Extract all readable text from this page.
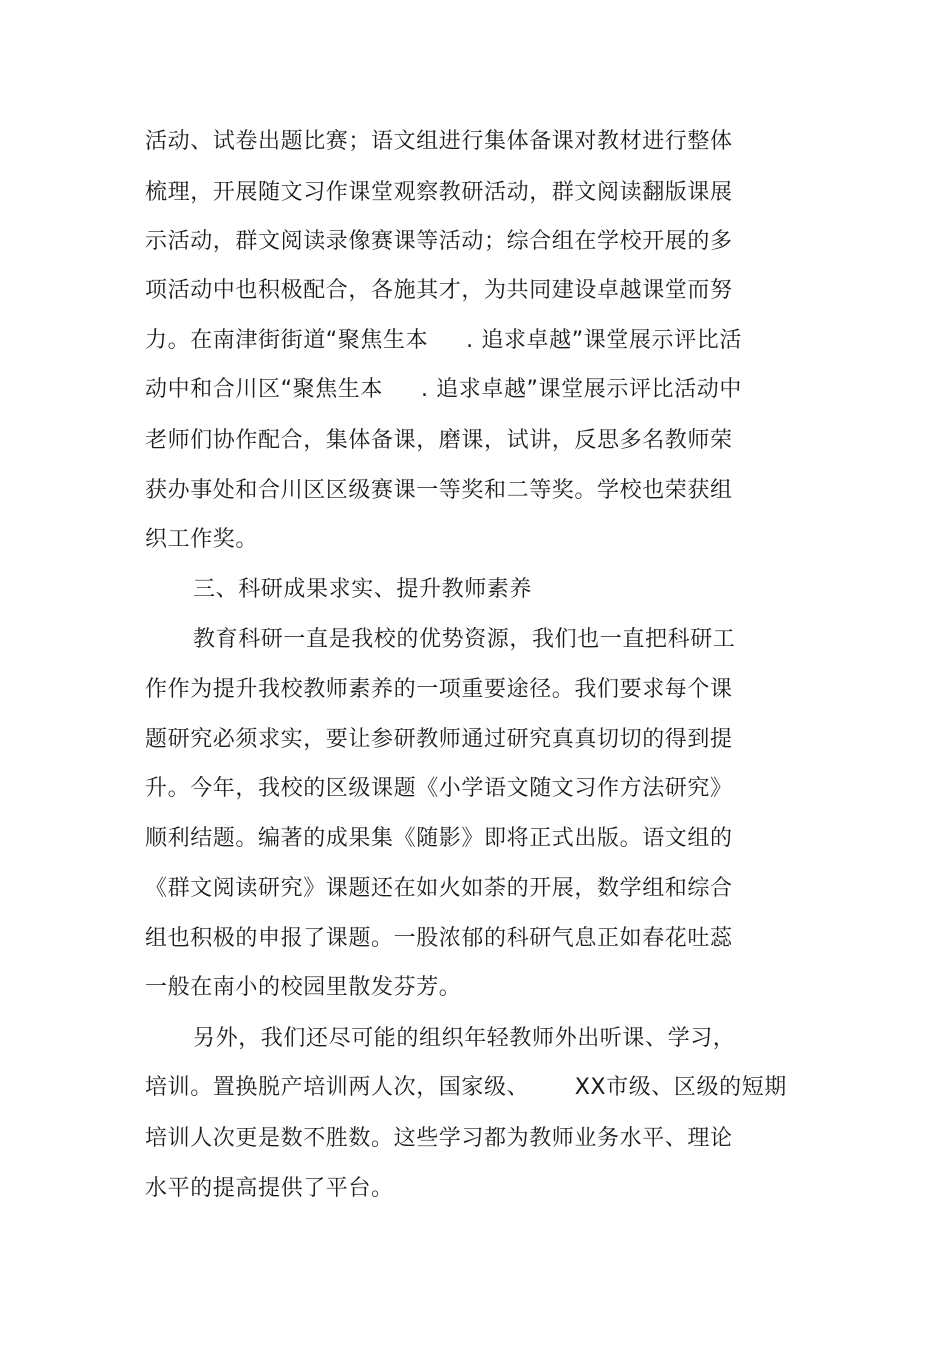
活动、试卷出题比赛；语文组进行集体备课对教材进行整体
梳理，开展随文习作课堂观察教研活动，群文阅读翻版课展
示活动，群文阅读录像赛课等活动；综合组在学校开展的多
项活动中也积极配合，各施其才，为共同建设卓越课堂而努
力。在南津街街道“聚焦生本     . 追求卓越”课堂展示评比活
动中和合川区“聚焦生本     . 追求卓越”课堂展示评比活动中
老师们协作配合，集体备课，磨课，试讲，反思多名教师荣
获办事处和合川区区级赛课一等奖和二等奖。学校也荣获组
织工作奖。
三、科研成果求实、提升教师素养
教育科研一直是我校的优势资源，我们也一直把科研工
作作为提升我校教师素养的一项重要途径。我们要求每个课
题研究必须求实，要让参研教师通过研究真真切切的得到提
升。今年，我校的区级课题《小学语文随文习作方法研究》
顺利结题。编著的成果集《随影》即将正式出版。语文组的
《群文阅读研究》课题还在如火如荼的开展，数学组和综合
组也积极的申报了课题。一股浓郁的科研气息正如春花吐蕊
一般在南小的校园里散发芬芳。
另外，我们还尽可能的组织年轻教师外出听课、学习，
培训。置换脱产培训两人次，国家级、      XX市级、区级的短期
培训人次更是数不胜数。这些学习都为教师业务水平、理论
水平的提高提供了平台。
